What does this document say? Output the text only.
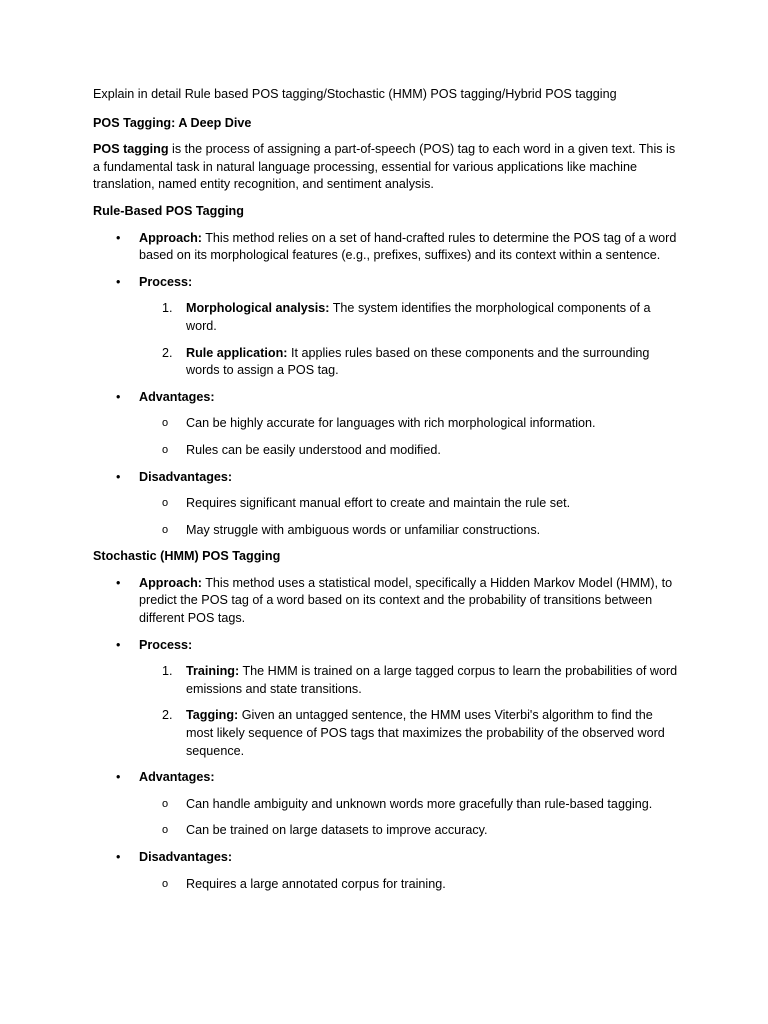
Explain in detail Rule based POS tagging/Stochastic (HMM) POS tagging/Hybrid POS tagging

POS Tagging: A Deep Dive

POS tagging is the process of assigning a part-of-speech (POS) tag to each word in a given text. This is a fundamental task in natural language processing, essential for various applications like machine translation, named entity recognition, and sentiment analysis.

Rule-Based POS Tagging

• Approach: This method relies on a set of hand-crafted rules to determine the POS tag of a word based on its morphological features (e.g., prefixes, suffixes) and its context within a sentence.
• Process:
1. Morphological analysis: The system identifies the morphological components of a word.
2. Rule application: It applies rules based on these components and the surrounding words to assign a POS tag.
• Advantages:
o Can be highly accurate for languages with rich morphological information.
o Rules can be easily understood and modified.
• Disadvantages:
o Requires significant manual effort to create and maintain the rule set.
o May struggle with ambiguous words or unfamiliar constructions.

Stochastic (HMM) POS Tagging

• Approach: This method uses a statistical model, specifically a Hidden Markov Model (HMM), to predict the POS tag of a word based on its context and the probability of transitions between different POS tags.
• Process:
1. Training: The HMM is trained on a large tagged corpus to learn the probabilities of word emissions and state transitions.
2. Tagging: Given an untagged sentence, the HMM uses Viterbi's algorithm to find the most likely sequence of POS tags that maximizes the probability of the observed word sequence.
• Advantages:
o Can handle ambiguity and unknown words more gracefully than rule-based tagging.
o Can be trained on large datasets to improve accuracy.
• Disadvantages:
o Requires a large annotated corpus for training.
